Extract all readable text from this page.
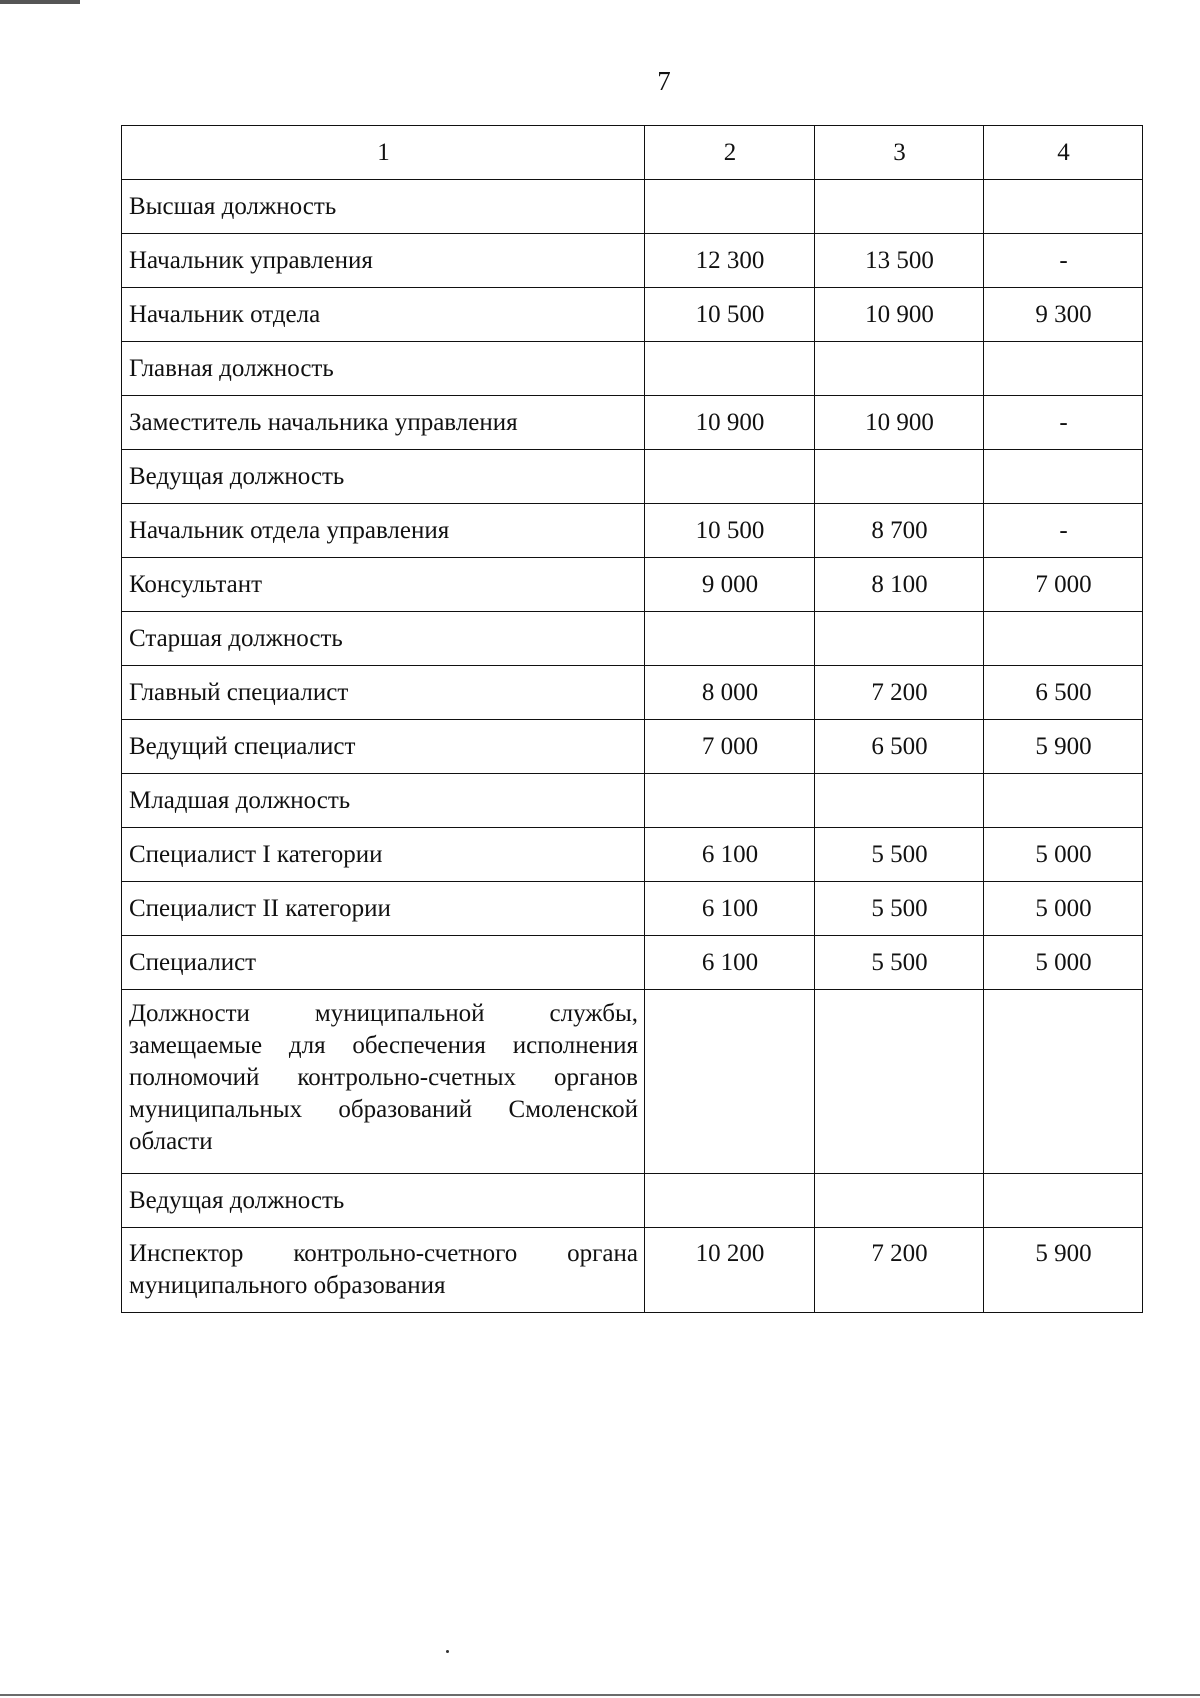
7
1	2	3	4
Высшая должность			
Начальник управления	12 300	13 500	-
Начальник отдела	10 500	10 900	9 300
Главная должность			
Заместитель начальника управления	10 900	10 900	-
Ведущая должность			
Начальник отдела управления	10 500	8 700	-
Консультант	9 000	8 100	7 000
Старшая должность			
Главный специалист	8 000	7 200	6 500
Ведущий специалист	7 000	6 500	5 900
Младшая должность			
Специалист I категории	6 100	5 500	5 000
Специалист II категории	6 100	5 500	5 000
Специалист	6 100	5 500	5 000
Должности муниципальной службы, замещаемые для обеспечения исполнения полномочий контрольно-счетных органов муниципальных образований Смоленской области			
Ведущая должность			
Инспектор контрольно-счетного органа муниципального образования	10 200	7 200	5 900
